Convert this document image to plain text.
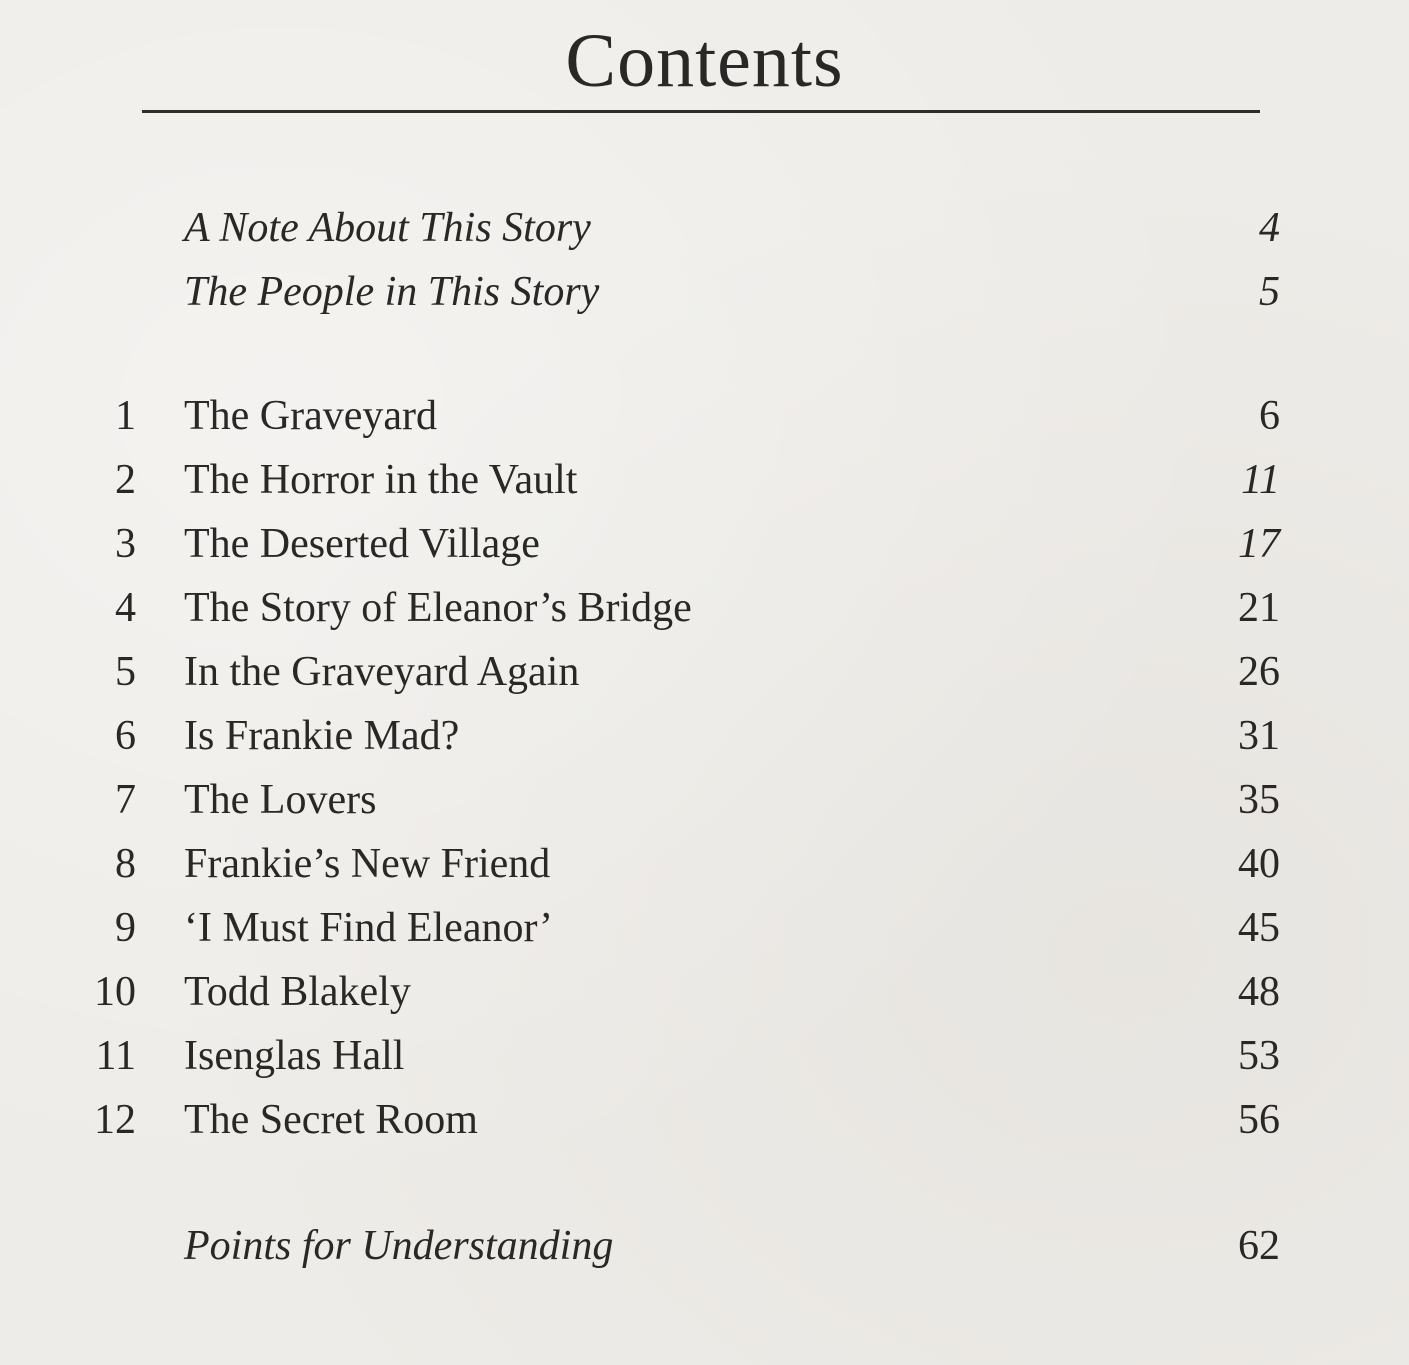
Contents
A Note About This Story	4
The People in This Story	5
1 The Graveyard	6
2 The Horror in the Vault	11
3 The Deserted Village	17
4 The Story of Eleanor’s Bridge	21
5 In the Graveyard Again	26
6 Is Frankie Mad?	31
7 The Lovers	35
8 Frankie’s New Friend	40
9 ‘I Must Find Eleanor’	45
10 Todd Blakely	48
11 Isenglas Hall	53
12 The Secret Room	56
Points for Understanding	62
